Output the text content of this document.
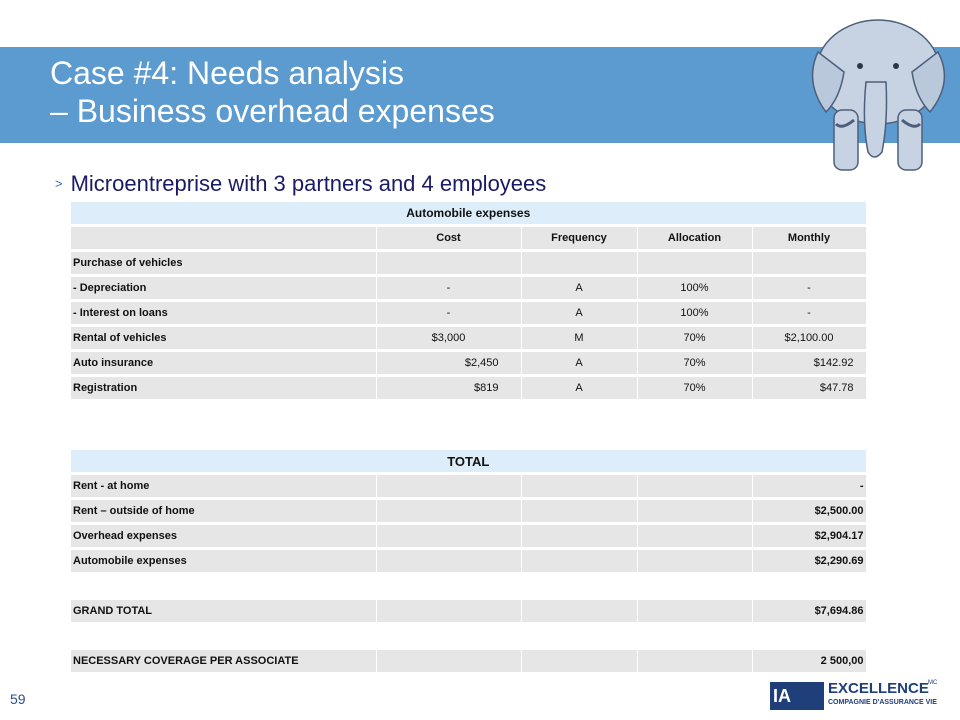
Case #4: Needs analysis
– Business overhead expenses
> Microentreprise with 3 partners and 4 employees
Automobile expenses				
	Cost	Frequency	Allocation	Monthly
Purchase of vehicles				
- Depreciation	-	A	100%	-
- Interest on loans	-	A	100%	-
Rental of vehicles	$3,000	M	70%	$2,100.00
Auto insurance	$2,450	A	70%	$142.92
Registration	$819	A	70%	$47.78
TOTAL				
Rent - at home				-
Rent – outside of home				$2,500.00
Overhead expenses				$2,904.17
Automobile expenses				$2,290.69

GRAND TOTAL				$7,694.86

NECESSARY COVERAGE PER ASSOCIATE				2 500,00
59	IA	EXCELLENCE MC
COMPAGNIE D'ASSURANCE VIE
